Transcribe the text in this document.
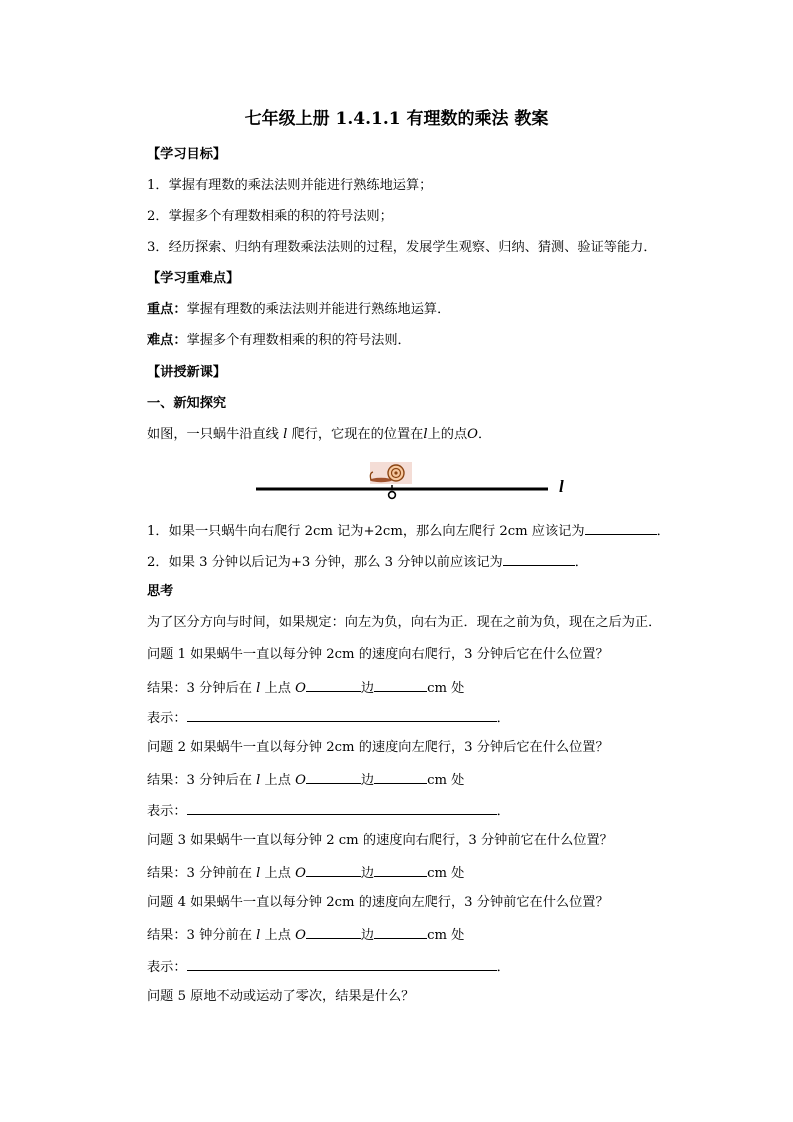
七年级上册 1.4.1.1 有理数的乘法 教案
【学习目标】
1．掌握有理数的乘法法则并能进行熟练地运算；
2．掌握多个有理数相乘的积的符号法则；
3．经历探索、归纳有理数乘法法则的过程，发展学生观察、归纳、猜测、验证等能力．
【学习重难点】
重点：掌握有理数的乘法法则并能进行熟练地运算．
难点：掌握多个有理数相乘的积的符号法则．
【讲授新课】
一、新知探究
如图，一只蜗牛沿直线 l 爬行，它现在的位置在l上的点O．
l
1．如果一只蜗牛向右爬行 2cm 记为+2cm，那么向左爬行 2cm 应该记为	．
2．如果 3 分钟以后记为+3 分钟，那么 3 分钟以前应该记为	．
思考
为了区分方向与时间，如果规定：向左为负，向右为正．现在之前为负，现在之后为正．
问题 1 如果蜗牛一直以每分钟 2cm 的速度向右爬行，3 分钟后它在什么位置？
结果：3 分钟后在 l 上点 O	边	cm 处
表示：	．
问题 2 如果蜗牛一直以每分钟 2cm 的速度向左爬行，3 分钟后它在什么位置？
结果：3 分钟后在 l 上点 O	边	cm 处
表示：	．
问题 3 如果蜗牛一直以每分钟 2 cm 的速度向右爬行，3 分钟前它在什么位置？
结果：3 分钟前在 l 上点 O	边	cm 处
问题 4 如果蜗牛一直以每分钟 2cm 的速度向左爬行，3 分钟前它在什么位置？
结果：3 钟分前在 l 上点 O	边	cm 处
表示：	．
问题 5 原地不动或运动了零次，结果是什么？
